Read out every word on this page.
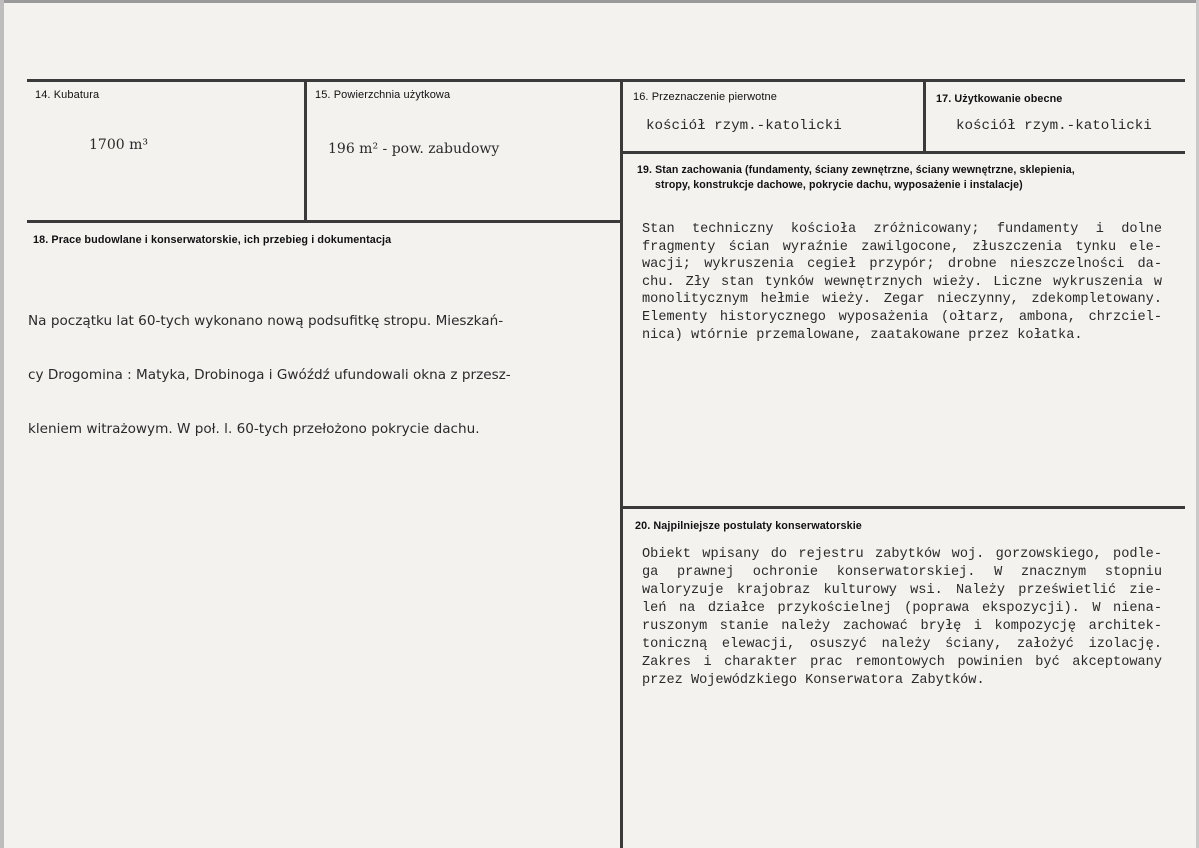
14. Kubatura
1700 m³
15. Powierzchnia użytkowa
196 m² - pow. zabudowy
16. Przeznaczenie pierwotne
kościół rzym.-katolicki
17. Użytkowanie obecne
kościół rzym.-katolicki
18. Prace budowlane i konserwatorskie, ich przebieg i dokumentacja

Na początku lat 60-tych wykonano nową podsufitkę stropu. Mieszkań-

cy Drogomina : Matyka, Drobinoga i Gwóźdź ufundowali okna z przesz-

kleniem witrażowym. W poł. l. 60-tych przełożono pokrycie dachu.

19. Stan zachowania (fundamenty, ściany zewnętrzne, ściany wewnętrzne, sklepienia,
stropy, konstrukcje dachowe, pokrycie dachu, wyposażenie i instalacje)
Stan techniczny kościoła zróżnicowany; fundamenty i dolne
fragmenty ścian wyraźnie zawilgocone, złuszczenia tynku ele-
wacji; wykruszenia cegieł przypór; drobne nieszczelności da-
chu. Zły stan tynków wewnętrznych wieży. Liczne wykruszenia w
monolitycznym hełmie wieży. Zegar nieczynny, zdekompletowany.
Elementy historycznego wyposażenia (ołtarz, ambona, chrzciel-
nica) wtórnie przemalowane, zaatakowane przez kołatka.
20. Najpilniejsze postulaty konserwatorskie
Obiekt wpisany do rejestru zabytków woj. gorzowskiego, podle-
ga prawnej ochronie konserwatorskiej. W znacznym stopniu
waloryzuje krajobraz kulturowy wsi. Należy prześwietlić zie-
leń na działce przykościelnej (poprawa ekspozycji). W niena-
ruszonym stanie należy zachować bryłę i kompozycję architek-
toniczną elewacji, osuszyć należy ściany, założyć izolację.
Zakres i charakter prac remontowych powinien być akceptowany
przez Wojewódzkiego Konserwatora Zabytków.
